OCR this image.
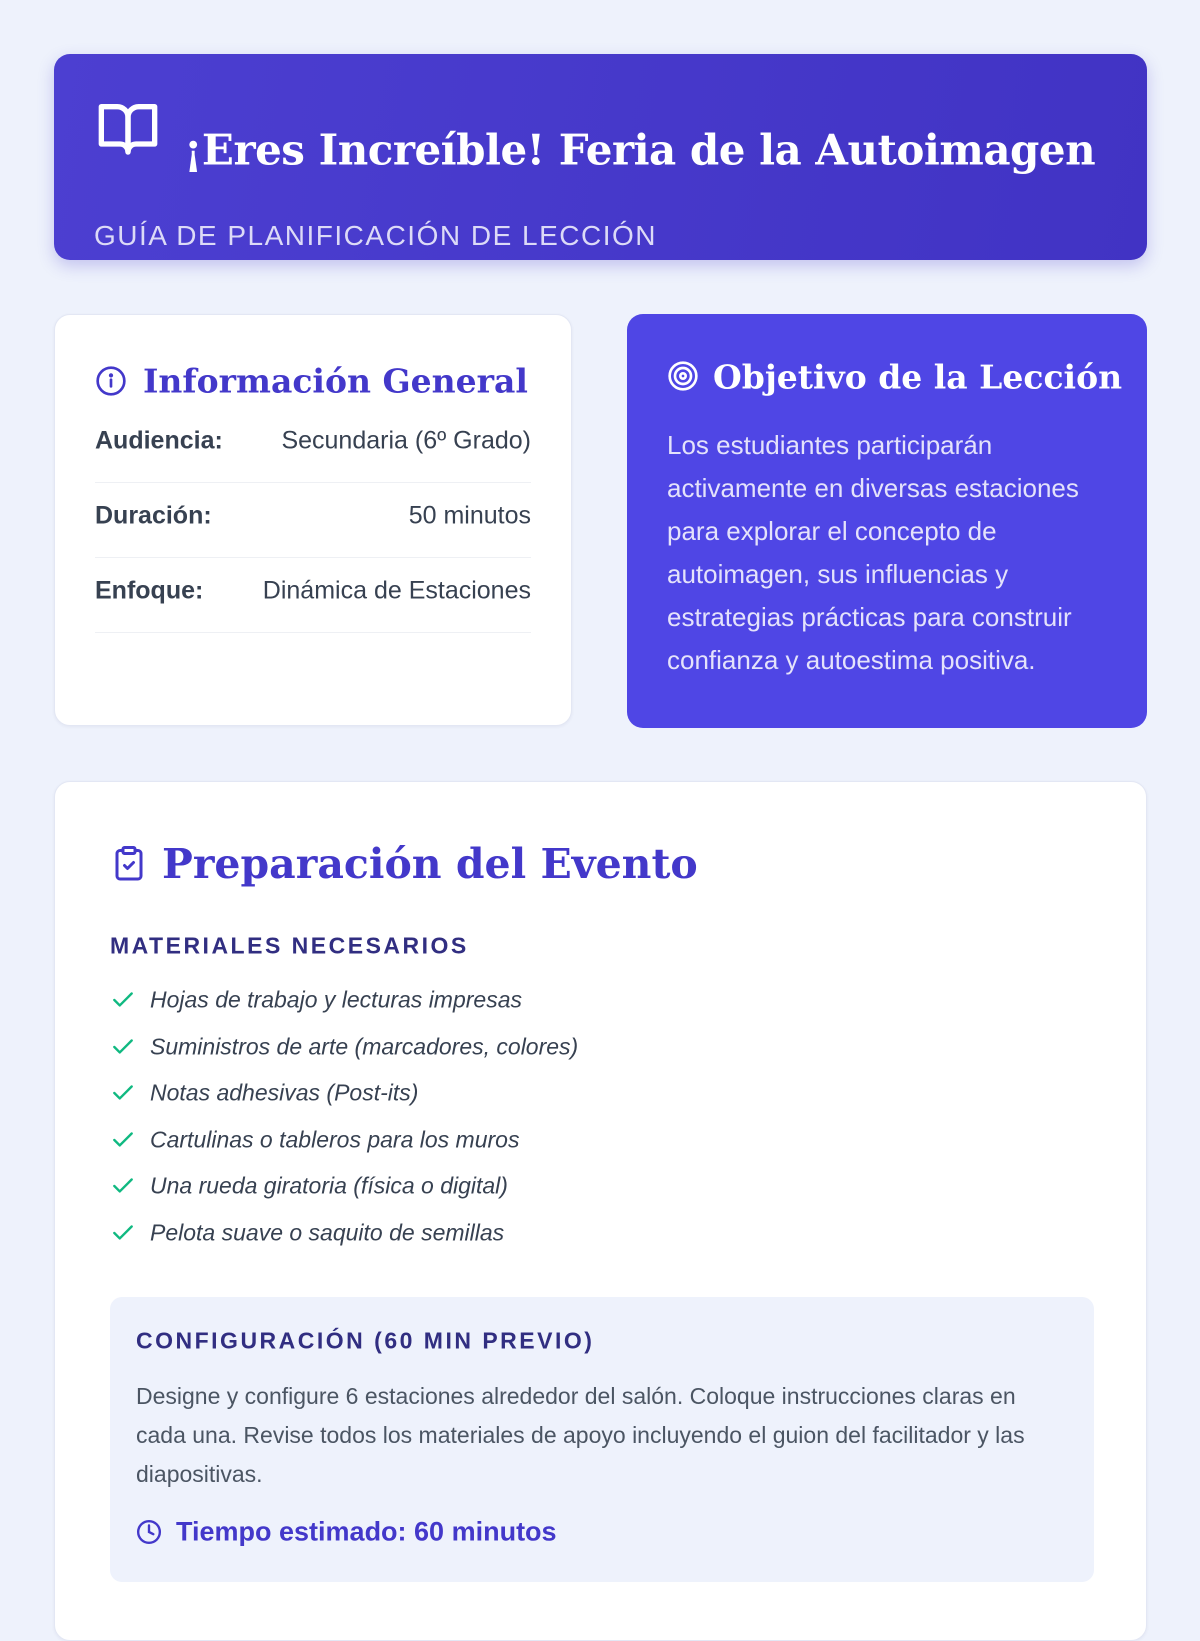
¡Eres Increíble! Feria de la Autoimagen
GUÍA DE PLANIFICACIÓN DE LECCIÓN
Información General
Audiencia: Secundaria (6º Grado)
Duración:	50 minutos
Enfoque: Dinámica de Estaciones
Objetivo de la Lección

Los estudiantes participarán activamente en diversas estaciones para explorar el concepto de autoimagen, sus influencias y estrategias prácticas para construir confianza y autoestima positiva.

Preparación del Evento
MATERIALES NECESARIOS
Hojas de trabajo y lecturas impresas
Suministros de arte (marcadores, colores)
Notas adhesivas (Post-its)
Cartulinas o tableros para los muros
Una rueda giratoria (física o digital)
Pelota suave o saquito de semillas
CONFIGURACIÓN (60 MIN PREVIO)

Designe y configure 6 estaciones alrededor del salón. Coloque instrucciones claras en cada una. Revise todos los materiales de apoyo incluyendo el guion del facilitador y las diapositivas.

Tiempo estimado: 60 minutos
